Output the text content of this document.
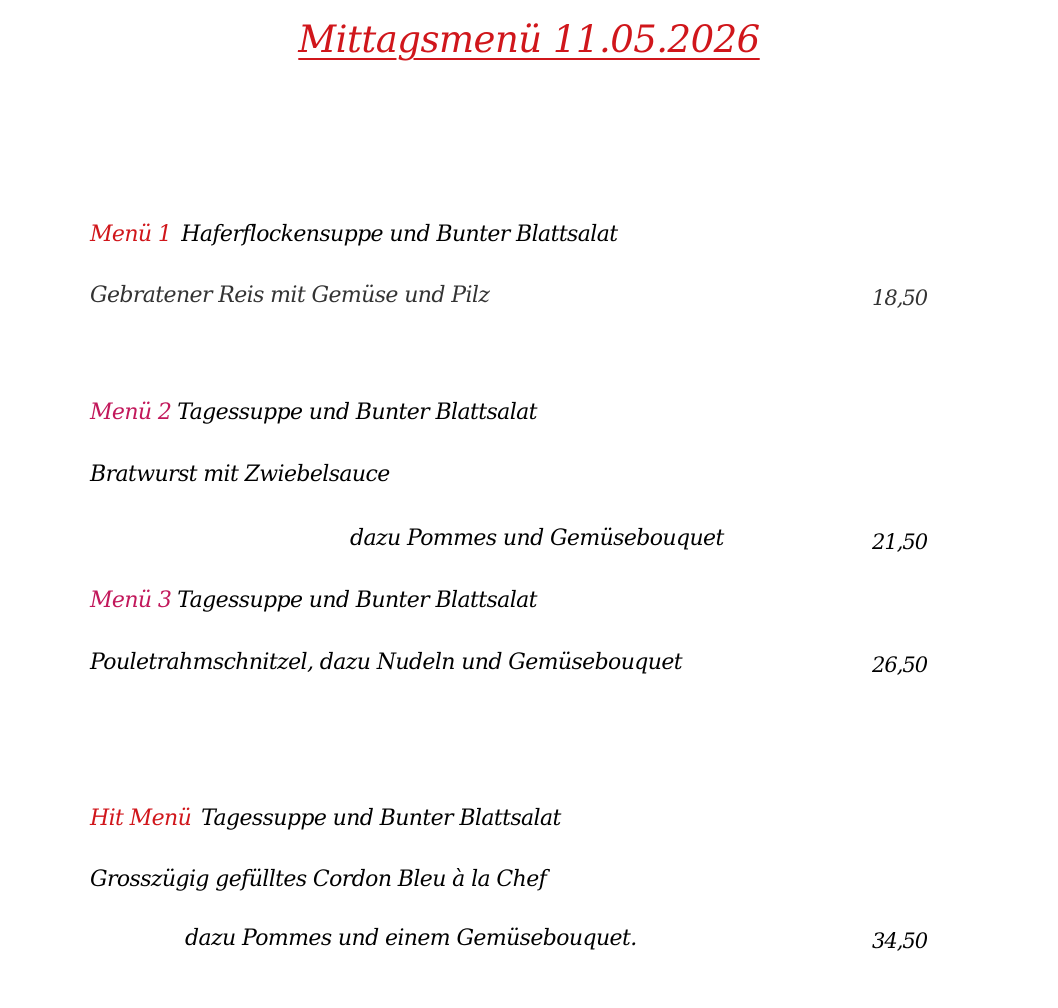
Mittagsmenü 11.05.2026
Menü 1 Haferflockensuppe und Bunter Blattsalat
Gebratener Reis mit Gemüse und Pilz	18,50
Menü 2 Tagessuppe und Bunter Blattsalat
Bratwurst mit Zwiebelsauce
dazu Pommes und Gemüsebouquet	21,50
Menü 3 Tagessuppe und Bunter Blattsalat
Pouletrahmschnitzel, dazu Nudeln und Gemüsebouquet	26,50
Hit Menü Tagessuppe und Bunter Blattsalat
Grosszügig gefülltes Cordon Bleu à la Chef
dazu Pommes und einem Gemüsebouquet.	34,50
